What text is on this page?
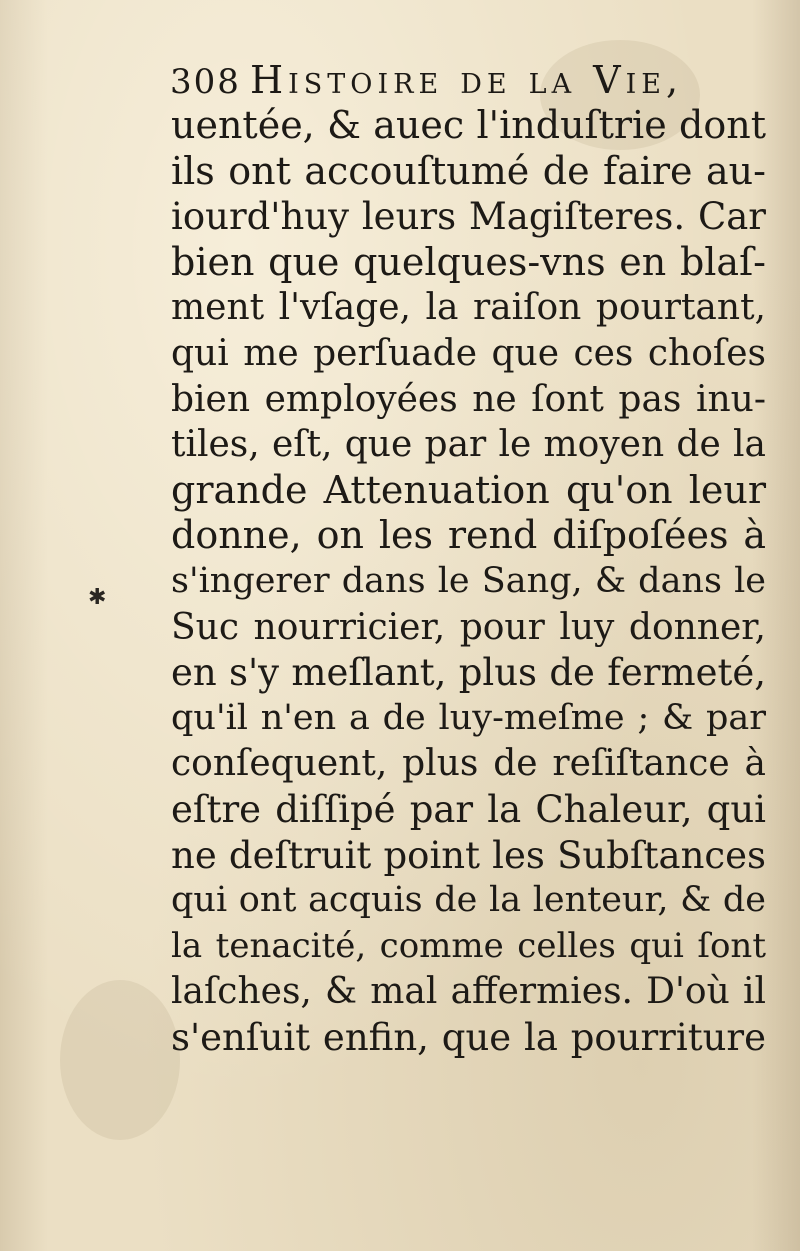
308 Histoire de la Vie,
✱
uentée, & auec l'induſtrie dont
ils ont accouſtumé de faire au-
iourd'huy leurs Magiſteres. Car
bien que quelques-vns en blaſ-
ment l'vſage, la raiſon pourtant,
qui me perſuade que ces choſes
bien employées ne ſont pas inu-
tiles, eſt, que par le moyen de la
grande Attenuation qu'on leur
donne, on les rend diſpoſées à
s'ingerer dans le Sang, & dans le
Suc nourricier, pour luy donner,
en s'y meſlant, plus de fermeté,
qu'il n'en a de luy-meſme ; & par
conſequent, plus de reſiſtance à
eſtre diſſipé par la Chaleur, qui
ne deſtruit point les Subſtances
qui ont acquis de la lenteur, & de
la tenacité, comme celles qui ſont
laſches, & mal affermies. D'où il
s'enſuit enfin, que la pourriture
